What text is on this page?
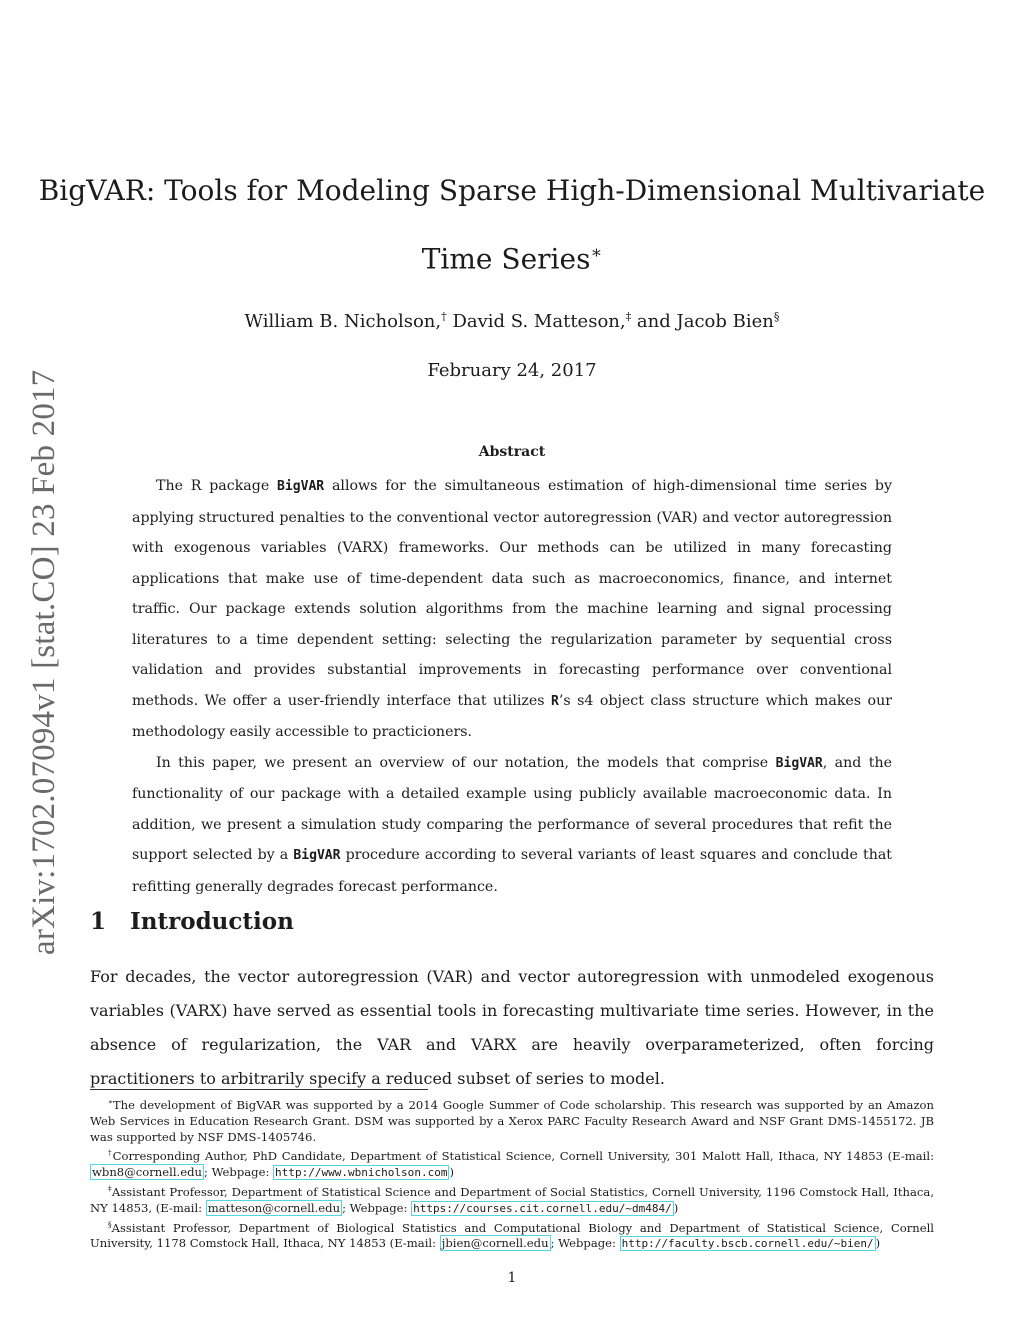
arXiv:1702.07094v1 [stat.CO] 23 Feb 2017
BigVAR: Tools for Modeling Sparse High-Dimensional Multivariate
Time Series∗
William B. Nicholson,† David S. Matteson,‡ and Jacob Bien§
February 24, 2017
Abstract

The R package BigVAR allows for the simultaneous estimation of high-dimensional time series by applying structured penalties to the conventional vector autoregression (VAR) and vector autoregression with exogenous variables (VARX) frameworks. Our methods can be utilized in many forecasting applications that make use of time-dependent data such as macroeconomics, finance, and internet traffic. Our package extends solution algorithms from the machine learning and signal processing literatures to a time dependent setting: selecting the regularization parameter by sequential cross validation and provides substantial improvements in forecasting performance over conventional methods. We offer a user-friendly interface that utilizes R’s s4 object class structure which makes our methodology easily accessible to practicioners.

In this paper, we present an overview of our notation, the models that comprise BigVAR, and the functionality of our package with a detailed example using publicly available macroeconomic data. In addition, we present a simulation study comparing the performance of several procedures that refit the support selected by a BigVAR procedure according to several variants of least squares and conclude that refitting generally degrades forecast performance.

1 Introduction

For decades, the vector autoregression (VAR) and vector autoregression with unmodeled exogenous variables (VARX) have served as essential tools in forecasting multivariate time series. However, in the absence of regularization, the VAR and VARX are heavily overparameterized, often forcing practitioners to arbitrarily specify a reduced subset of series to model.

∗The development of BigVAR was supported by a 2014 Google Summer of Code scholarship. This research was supported by an Amazon Web Services in Education Research Grant. DSM was supported by a Xerox PARC Faculty Research Award and NSF Grant DMS-1455172. JB was supported by NSF DMS-1405746.

†Corresponding Author, PhD Candidate, Department of Statistical Science, Cornell University, 301 Malott Hall, Ithaca, NY 14853 (E-mail: wbn8@cornell.edu ; Webpage: http://www.wbnicholson.com )

‡Assistant Professor, Department of Statistical Science and Department of Social Statistics, Cornell University, 1196 Comstock Hall, Ithaca, NY 14853, (E-mail: matteson@cornell.edu ; Webpage: https://courses.cit.cornell.edu/~dm484/ )

§Assistant Professor, Department of Biological Statistics and Computational Biology and Department of Statistical Science, Cornell University, 1178 Comstock Hall, Ithaca, NY 14853 (E-mail: jbien@cornell.edu ; Webpage: http://faculty.bscb.cornell.edu/~bien/ )

1
